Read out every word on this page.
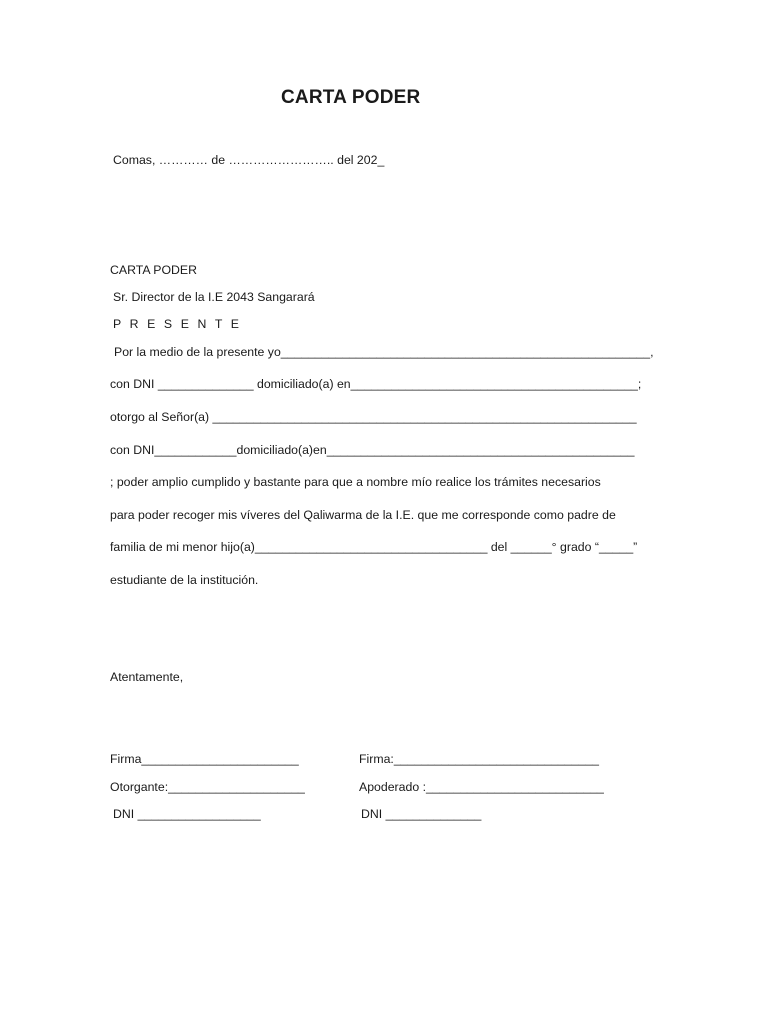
CARTA PODER
Comas, ………… de …………………….. del 202_
CARTA PODER
Sr. Director de la I.E 2043 Sangarará
P R E S E N T E
Por la medio de la presente yo______________________________________________________,
con DNI ______________ domiciliado(a) en__________________________________________;
otorgo al Señor(a) ______________________________________________________________
con DNI____________domiciliado(a)en_____________________________________________
; poder amplio cumplido y bastante para que a nombre mío realice los trámites necesarios
para poder recoger mis víveres del Qaliwarma de la I.E. que me corresponde como padre de
familia de mi menor hijo(a)__________________________________ del ______° grado “_____”
estudiante de la institución.
Atentamente,
Firma_______________________	Firma:______________________________
Otorgante:____________________	Apoderado :__________________________
DNI __________________	DNI ______________
